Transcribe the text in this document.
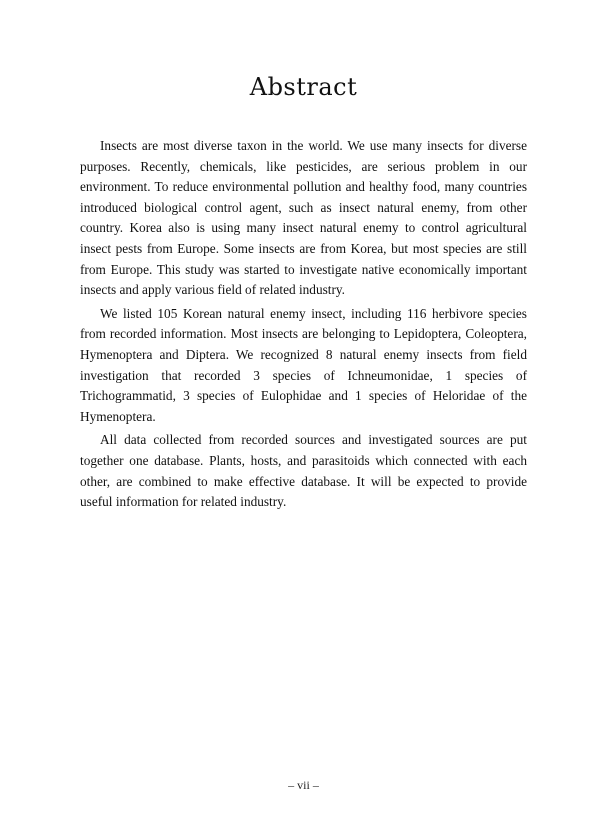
Abstract

Insects are most diverse taxon in the world. We use many insects for diverse purposes. Recently, chemicals, like pesticides, are serious problem in our environment. To reduce environmental pollution and healthy food, many countries introduced biological control agent, such as insect natural enemy, from other country. Korea also is using many insect natural enemy to control agricultural insect pests from Europe. Some insects are from Korea, but most species are still from Europe. This study was started to investigate native economically important insects and apply various field of related industry.

We listed 105 Korean natural enemy insect, including 116 herbivore species from recorded information. Most insects are belonging to Lepidoptera, Coleoptera, Hymenoptera and Diptera. We recognized 8 natural enemy insects from field investigation that recorded 3 species of Ichneumonidae, 1 species of Trichogrammatid, 3 species of Eulophidae and 1 species of Heloridae of the Hymenoptera.

All data collected from recorded sources and investigated sources are put together one database. Plants, hosts, and parasitoids which connected with each other, are combined to make effective database. It will be expected to provide useful information for related industry.

– vii –
